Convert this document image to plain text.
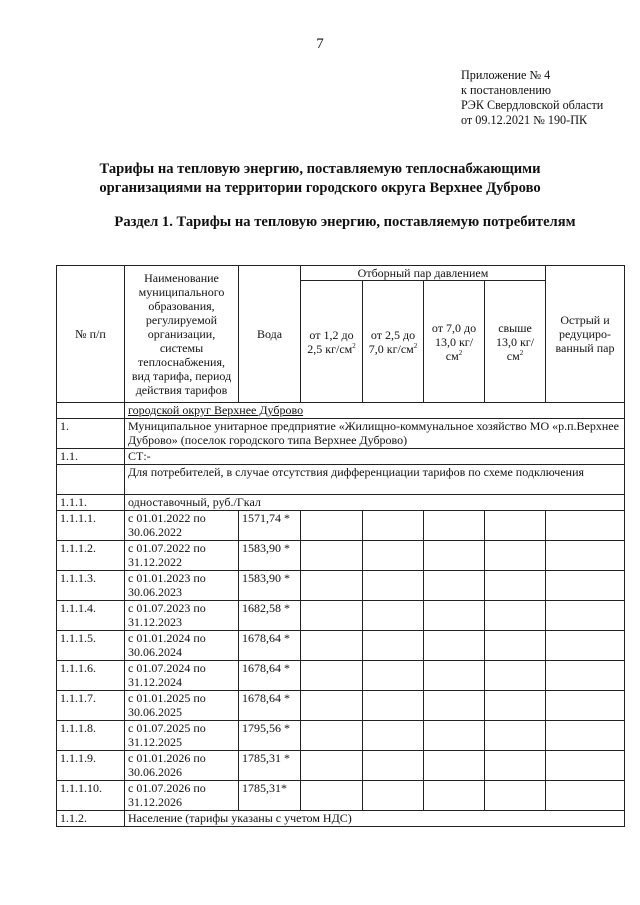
7
Приложение № 4
к постановлению
РЭК Свердловской области
от 09.12.2021 № 190-ПК
Тарифы на тепловую энергию, поставляемую теплоснабжающими
организациями на территории городского округа Верхнее Дуброво
Раздел 1. Тарифы на тепловую энергию, поставляемую потребителям
№ п/п	Наименование муниципального образования, регулируемой организации, системы теплоснабжения, вид тарифа, период действия тарифов	Вода	Отборный пар давлением				Острый и редуциро-ванный пар
			от 1,2 до 2,5 $кг/см^2$	от 2,5 до 7,0 $кг/см^2$	от 7,0 до 13,0 $кг/см^2$	свыше 13,0 $кг/см^2$
	городской округ Верхнее Дуброво						
1.	Муниципальное унитарное предприятие «Жилищно-коммунальное хозяйство МО «р.п.Верхнее Дуброво» (поселок городского типа Верхнее Дуброво)						
1.1.	СТ:-						
	Для потребителей, в случае отсутствия дифференциации тарифов по схеме подключения						
1.1.1.	одноставочный, руб./Гкал						
1.1.1.1.	с 01.01.2022 по 30.06.2022	1571,74 *					
1.1.1.2.	с 01.07.2022 по 31.12.2022	1583,90 *					
1.1.1.3.	с 01.01.2023 по 30.06.2023	1583,90 *					
1.1.1.4.	с 01.07.2023 по 31.12.2023	1682,58 *					
1.1.1.5.	с 01.01.2024 по 30.06.2024	1678,64 *					
1.1.1.6.	с 01.07.2024 по 31.12.2024	1678,64 *					
1.1.1.7.	с 01.01.2025 по 30.06.2025	1678,64 *					
1.1.1.8.	с 01.07.2025 по 31.12.2025	1795,56 *					
1.1.1.9.	с 01.01.2026 по 30.06.2026	1785,31 *					
1.1.1.10.	с 01.07.2026 по 31.12.2026	1785,31*					
1.1.2.	Население (тарифы указаны с учетом НДС)						
